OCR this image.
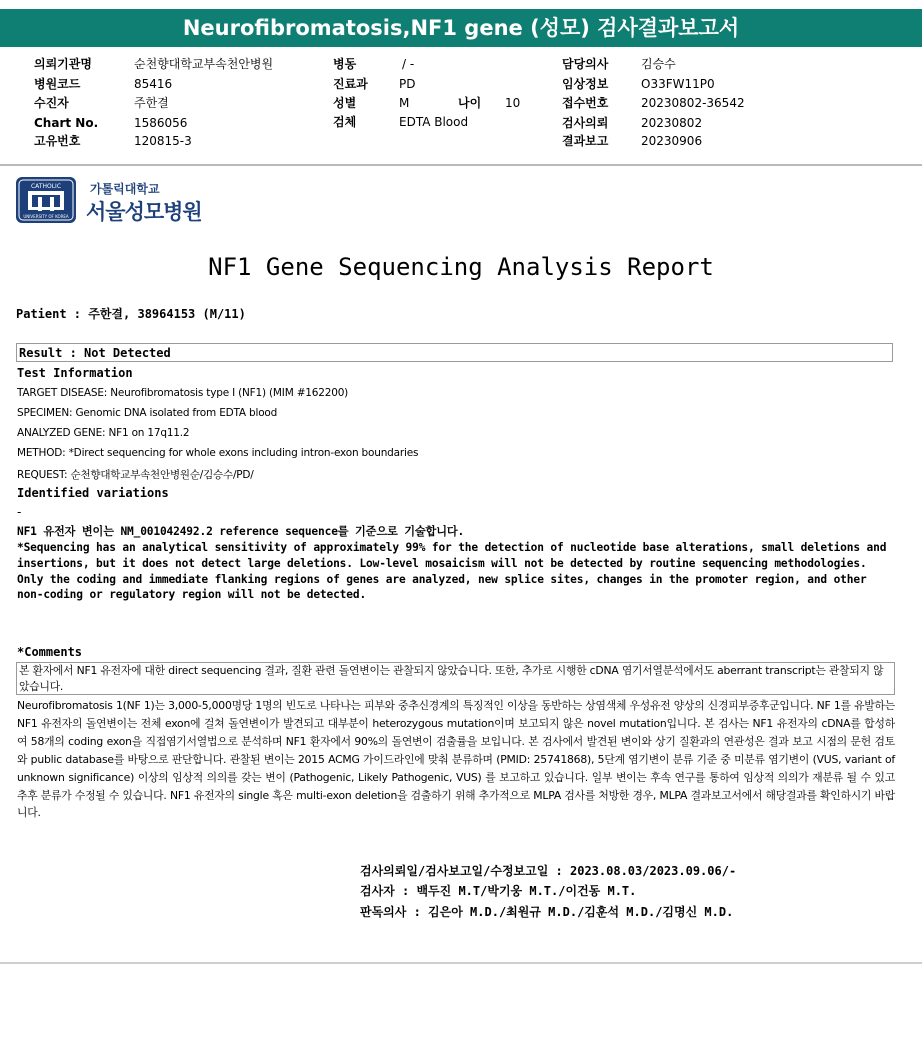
Neurofibromatosis,NF1 gene (성모) 검사결과보고서
의뢰기관명	순천향대학교부속천안병원
병원코드	85416
수진자	주한결
Chart No.	1586056
고유번호	120815-3
병동	/ -
진료과	PD
성별	M	나이 10
검체	EDTA Blood
담당의사	김승수
임상정보	O33FW11P0
접수번호	20230802-36542
검사의뢰	20230802
결과보고	20230906
CATHOLIC
UNIVERSITY OF KOREA
가톨릭대학교
서울성모병원
NF1 Gene Sequencing Analysis Report
Patient : 주한결, 38964153 (M/11)
Result : Not Detected
Test Information
TARGET DISEASE: Neurofibromatosis type I (NF1) (MIM #162200)
SPECIMEN: Genomic DNA isolated from EDTA blood
ANALYZED GENE: NF1 on 17q11.2
METHOD: *Direct sequencing for whole exons including intron-exon boundaries
REQUEST: 순천향대학교부속천안병원순/김승수/PD/
Identified variations
-
NF1 유전자 변이는 NM_001042492.2 reference sequence를 기준으로 기술합니다.
*Sequencing has an analytical sensitivity of approximately 99% for the detection of nucleotide base alterations, small deletions and insertions, but it does not detect large deletions. Low-level mosaicism will not be detected by routine sequencing methodologies. Only the coding and immediate flanking regions of genes are analyzed, new splice sites, changes in the promoter region, and other non-coding or regulatory region will not be detected.
*Comments
본 환자에서 NF1 유전자에 대한 direct sequencing 결과, 질환 관련 돌연변이는 관찰되지 않았습니다. 또한, 추가로 시행한 cDNA 염기서열분석에서도 aberrant transcript는 관찰되지 않았습니다.
Neurofibromatosis 1(NF 1)는 3,000-5,000명당 1명의 빈도로 나타나는 피부와 중추신경계의 특징적인 이상을 동반하는 상염색체 우성유전 양상의 신경피부증후군입니다. NF 1를 유발하는 NF1 유전자의 돌연변이는 전체 exon에 걸쳐 돌연변이가 발견되고 대부분이 heterozygous mutation이며 보고되지 않은 novel mutation입니다. 본 검사는 NF1 유전자의 cDNA를 합성하여 58개의 coding exon을 직접염기서열법으로 분석하며 NF1 환자에서 90%의 돌연변이 검출률을 보입니다. 본 검사에서 발견된 변이와 상기 질환과의 연관성은 결과 보고 시점의 문헌 검토와 public database를 바탕으로 판단합니다. 관찰된 변이는 2015 ACMG 가이드라인에 맞춰 분류하며 (PMID: 25741868), 5단계 염기변이 분류 기준 중 미분류 염기변이 (VUS, variant of unknown significance) 이상의 임상적 의의를 갖는 변이 (Pathogenic, Likely Pathogenic, VUS) 를 보고하고 있습니다. 일부 변이는 후속 연구를 통하여 임상적 의의가 재분류 될 수 있고 추후 분류가 수정될 수 있습니다. NF1 유전자의 single 혹은 multi-exon deletion을 검출하기 위해 추가적으로 MLPA 검사를 처방한 경우, MLPA 결과보고서에서 해당결과를 확인하시기 바랍니다.
검사의뢰일/검사보고일/수정보고일 : 2023.08.03/2023.09.06/-
검사자 : 백두진 M.T/박기웅 M.T./이건동 M.T.
판독의사 : 김은아 M.D./최원규 M.D./김훈석 M.D./김명신 M.D.
